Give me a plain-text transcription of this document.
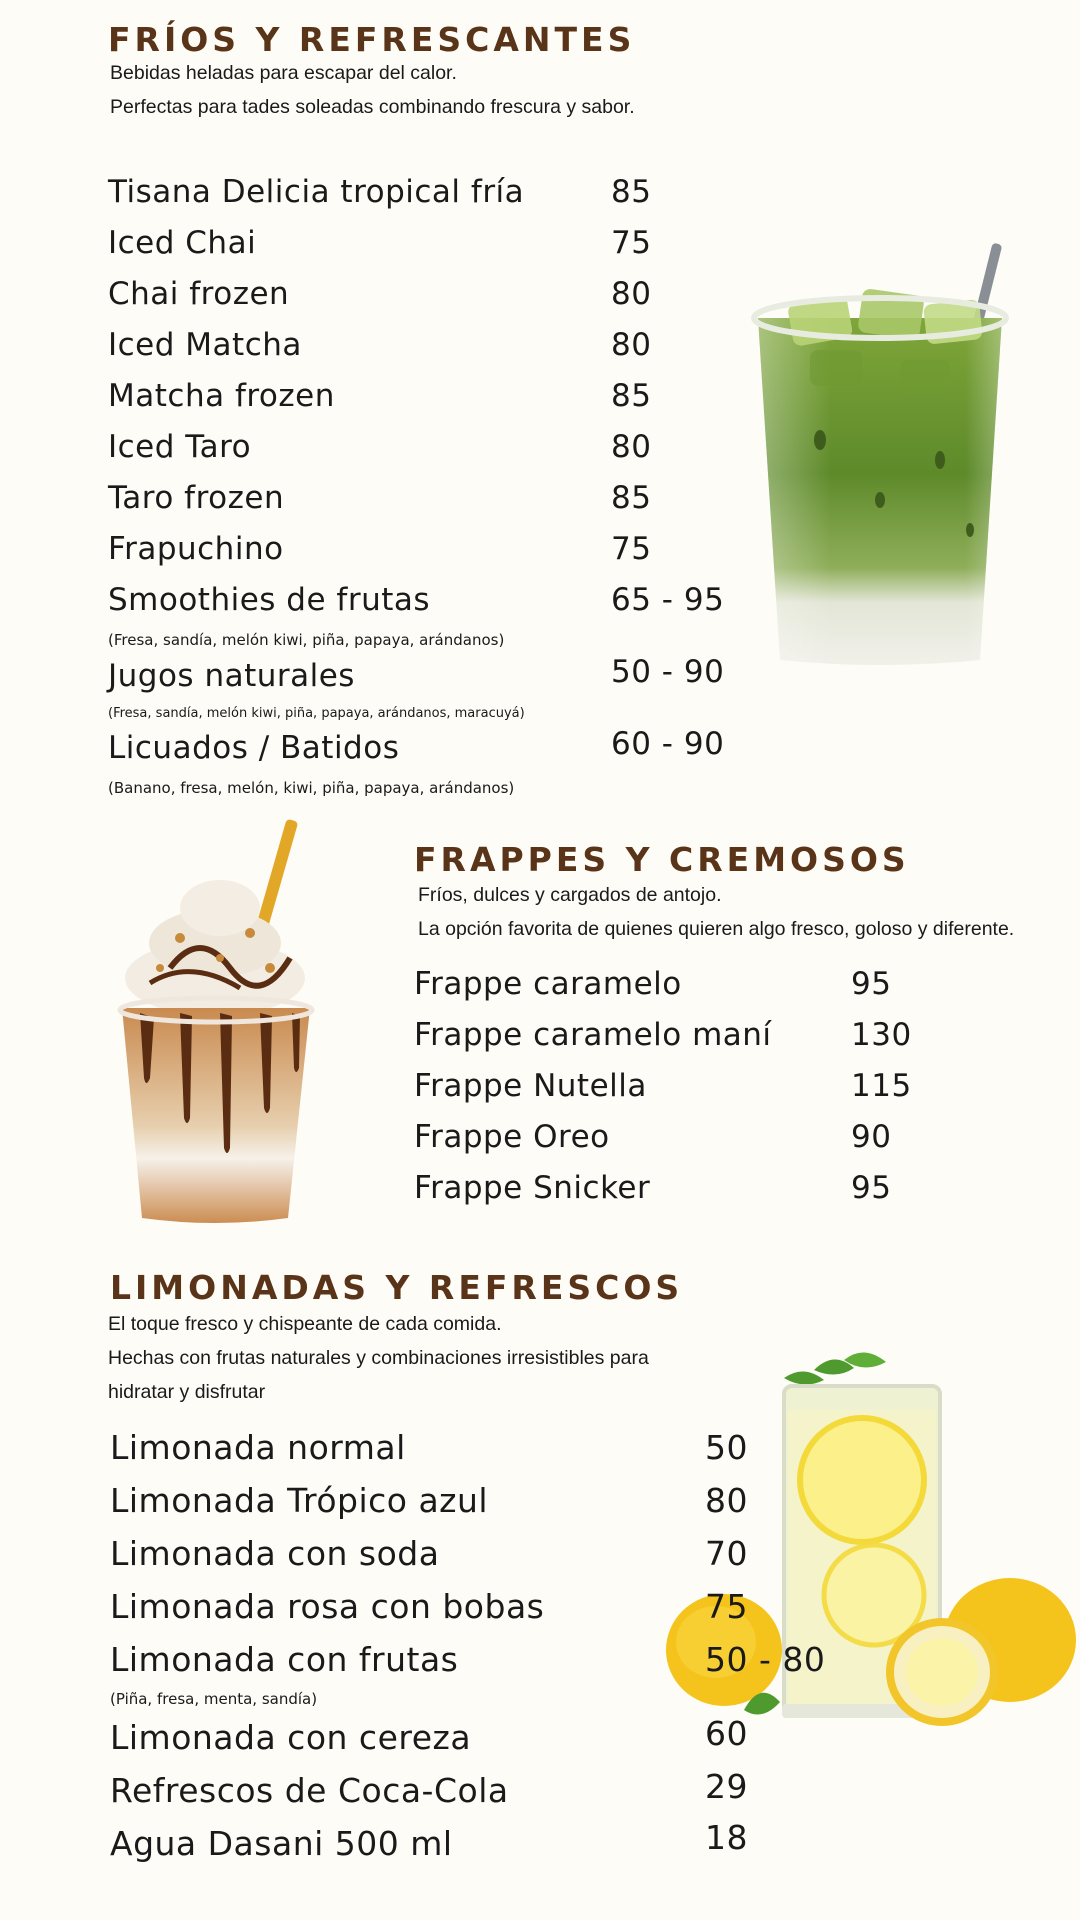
FRÍOS Y REFRESCANTES
Bebidas heladas para escapar del calor.
Perfectas para tades soleadas combinando frescura y sabor.
Tisana Delicia tropical fría	85
Iced Chai	75
Chai frozen	80
Iced Matcha	80
Matcha frozen	85
Iced Taro	80
Taro frozen	85
Frapuchino	75
Smoothies de frutas	65 - 95
(Fresa, sandía, melón kiwi, piña, papaya, arándanos)
Jugos naturales	50 - 90
(Fresa, sandía, melón kiwi, piña, papaya, arándanos, maracuyá)
Licuados / Batidos	60 - 90
(Banano, fresa, melón, kiwi, piña, papaya, arándanos)
FRAPPES Y CREMOSOS
Fríos, dulces y cargados de antojo.
La opción favorita de quienes quieren algo fresco, goloso y diferente.
Frappe caramelo	95
Frappe caramelo maní	130
Frappe Nutella	115
Frappe Oreo	90
Frappe Snicker	95
LIMONADAS Y REFRESCOS
El toque fresco y chispeante de cada comida.
Hechas con frutas naturales y combinaciones irresistibles para
hidratar y disfrutar
Limonada normal	50
Limonada Trópico azul	80
Limonada con soda	70
Limonada rosa con bobas	75
Limonada con frutas	50 - 80
(Piña, fresa, menta, sandía)
Limonada con cereza	60
Refrescos de Coca-Cola	29
Agua Dasani 500 ml	18
